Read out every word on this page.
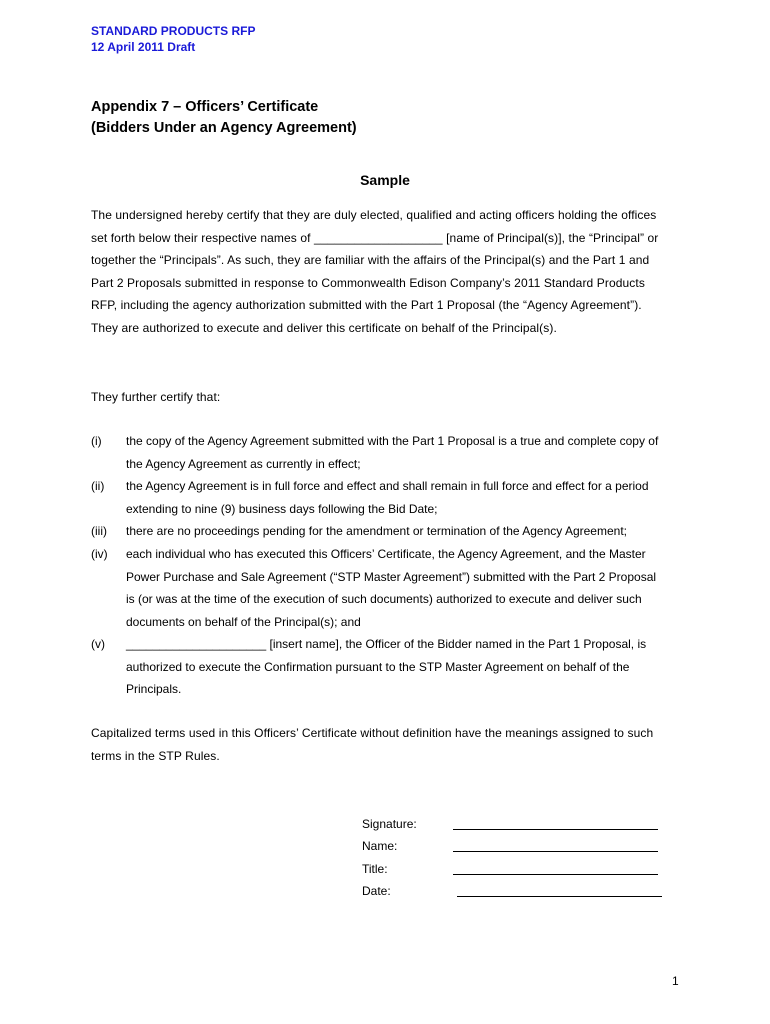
STANDARD PRODUCTS RFP
12 April 2011 Draft
Appendix 7 – Officers’ Certificate
(Bidders Under an Agency Agreement)
Sample
The undersigned hereby certify that they are duly elected, qualified and acting officers holding the offices set forth below their respective names of ___________________ [name of Principal(s)], the “Principal” or together the “Principals”. As such, they are familiar with the affairs of the Principal(s) and the Part 1 and Part 2 Proposals submitted in response to Commonwealth Edison Company’s 2011 Standard Products RFP, including the agency authorization submitted with the Part 1 Proposal (the “Agency Agreement”). They are authorized to execute and deliver this certificate on behalf of the Principal(s).
They further certify that:
(i)	the copy of the Agency Agreement submitted with the Part 1 Proposal is a true and complete copy of the Agency Agreement as currently in effect;
(ii)	the Agency Agreement is in full force and effect and shall remain in full force and effect for a period extending to nine (9) business days following the Bid Date;
(iii)	there are no proceedings pending for the amendment or termination of the Agency Agreement;
(iv)	each individual who has executed this Officers’ Certificate, the Agency Agreement, and the Master Power Purchase and Sale Agreement (“STP Master Agreement”) submitted with the Part 2 Proposal is (or was at the time of the execution of such documents) authorized to execute and deliver such documents on behalf of the Principal(s); and
(v)	_____________________ [insert name], the Officer of the Bidder named in the Part 1 Proposal, is authorized to execute the Confirmation pursuant to the STP Master Agreement on behalf of the Principals.
Capitalized terms used in this Officers’ Certificate without definition have the meanings assigned to such terms in the STP Rules.
Signature:
Name:
Title:
Date:
1
